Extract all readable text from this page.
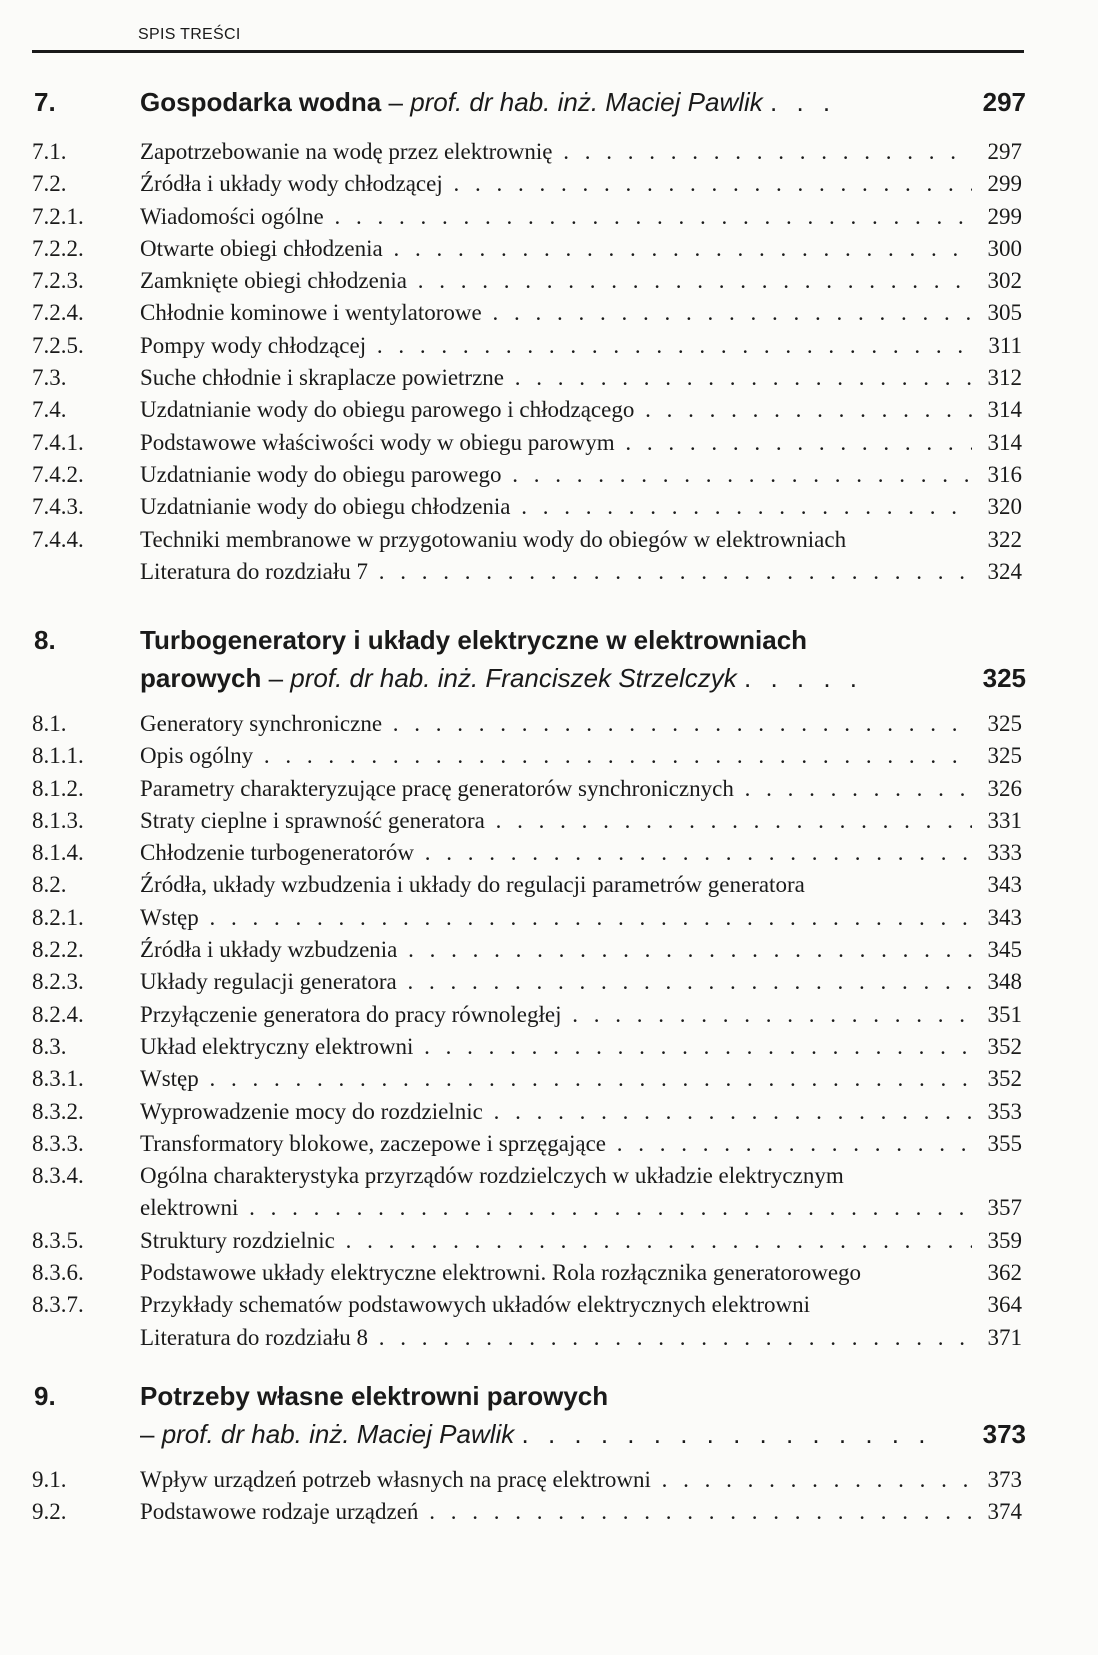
SPIS TREŚCI
7.	Gospodarka wodna – prof. dr hab. inż. Maciej Pawlik . . .	297
7.1.	Zapotrzebowanie na wodę przez elektrownię . . .	297
7.2.	Źródła i układy wody chłodzącej . . .	299
7.2.1. Wiadomości ogólne . . .	299
7.2.2. Otwarte obiegi chłodzenia . . .	300
7.2.3. Zamknięte obiegi chłodzenia . . .	302
7.2.4. Chłodnie kominowe i wentylatorowe . . .	305
7.2.5. Pompy wody chłodzącej . . .	311
7.3.	Suche chłodnie i skraplacze powietrzne . . .	312
7.4.	Uzdatnianie wody do obiegu parowego i chłodzącego . . .	314
7.4.1. Podstawowe właściwości wody w obiegu parowym . . .	314
7.4.2. Uzdatnianie wody do obiegu parowego . . .	316
7.4.3. Uzdatnianie wody do obiegu chłodzenia . . .	320
7.4.4. Techniki membranowe w przygotowaniu wody do obiegów w elektrowniach	322
Literatura do rozdziału 7 . . .	324
8.	Turbogeneratory i układy elektryczne w elektrowniach
parowych – prof. dr hab. inż. Franciszek Strzelczyk . . . . .	325
8.1.	Generatory synchroniczne . . .	325
8.1.1. Opis ogólny . . .	325
8.1.2. Parametry charakteryzujące pracę generatorów synchronicznych . . .	326
8.1.3. Straty cieplne i sprawność generatora . . .	331
8.1.4. Chłodzenie turbogeneratorów . . .	333
8.2.	Źródła, układy wzbudzenia i układy do regulacji parametrów generatora	343
8.2.1. Wstęp . . .	343
8.2.2. Źródła i układy wzbudzenia . . .	345
8.2.3. Układy regulacji generatora . . .	348
8.2.4. Przyłączenie generatora do pracy równoległej . . .	351
8.3.	Układ elektryczny elektrowni . . .	352
8.3.1. Wstęp . . .	352
8.3.2. Wyprowadzenie mocy do rozdzielnic . . .	353
8.3.3. Transformatory blokowe, zaczepowe i sprzęgające . . .	355
8.3.4. Ogólna charakterystyka przyrządów rozdzielczych w układzie elektrycznym
elektrowni . . .	357
8.3.5. Struktury rozdzielnic . . .	359
8.3.6. Podstawowe układy elektryczne elektrowni. Rola rozłącznika generatorowego	362
8.3.7. Przykłady schematów podstawowych układów elektrycznych elektrowni	364
Literatura do rozdziału 8 . . .	371
9.	Potrzeby własne elektrowni parowych
– prof. dr hab. inż. Maciej Pawlik . . . . . . . . . . . . . . . . 373
9.1.	Wpływ urządzeń potrzeb własnych na pracę elektrowni . . .	373
9.2.	Podstawowe rodzaje urządzeń . . .	374
